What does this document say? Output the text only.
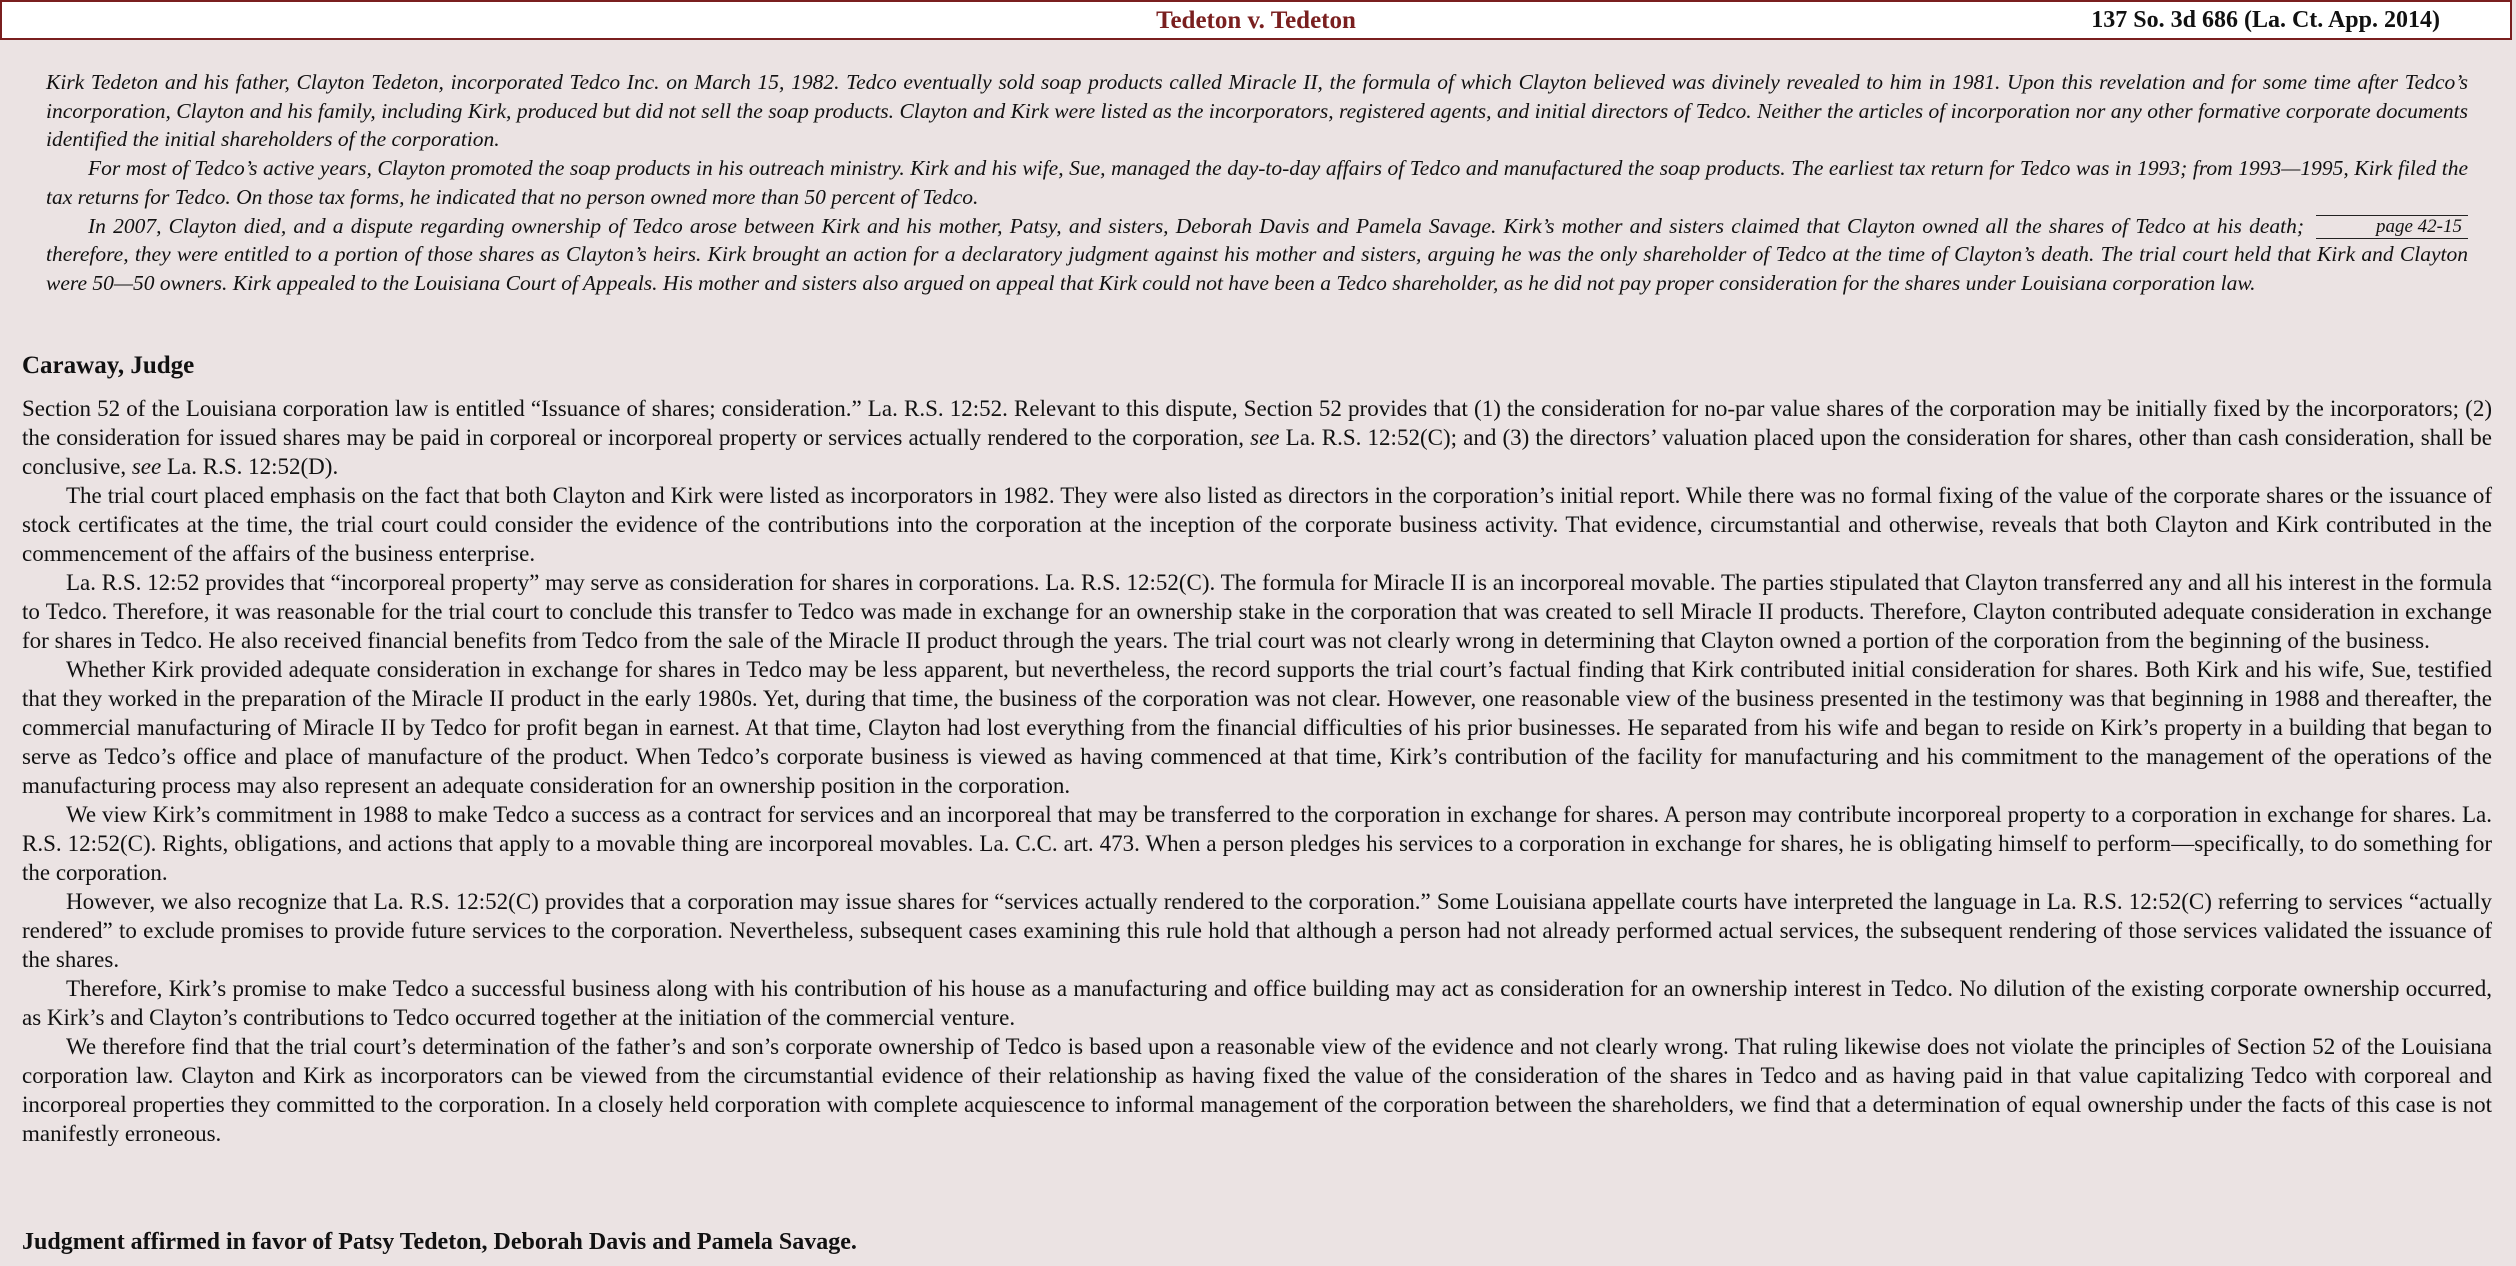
Tedeton v. Tedeton	137 So. 3d 686 (La. Ct. App. 2014)

Kirk Tedeton and his father, Clayton Tedeton, incorporated Tedco Inc. on March 15, 1982. Tedco eventually sold soap products called Miracle II, the formula of which Clayton believed was divinely revealed to him in 1981. Upon this revelation and for some time after Tedco’s incorporation, Clayton and his family, including Kirk, produced but did not sell the soap products. Clayton and Kirk were listed as the incorporators, registered agents, and initial directors of Tedco. Neither the articles of incorporation nor any other formative corporate documents identified the initial shareholders of the corporation.

For most of Tedco’s active years, Clayton promoted the soap products in his outreach ministry. Kirk and his wife, Sue, managed the day-to-day affairs of Tedco and manufactured the soap products. The earliest tax return for Tedco was in 1993; from 1993—1995, Kirk filed the tax returns for Tedco. On those tax forms, he indicated that no person owned more than 50 percent of Tedco.

page 42-15
In 2007, Clayton died, and a dispute regarding ownership of Tedco arose between Kirk and his mother, Patsy, and sisters, Deborah Davis and Pamela Savage. Kirk’s mother and sisters claimed that Clayton owned all the shares of Tedco at his death; therefore, they were entitled to a portion of those shares as Clayton’s heirs. Kirk brought an action for a declaratory judgment against his mother and sisters, arguing he was the only shareholder of Tedco at the time of Clayton’s death. The trial court held that Kirk and Clayton were 50—50 owners. Kirk appealed to the Louisiana Court of Appeals. His mother and sisters also argued on appeal that Kirk could not have been a Tedco shareholder, as he did not pay proper consideration for the shares under Louisiana corporation law.

Caraway, Judge

Section 52 of the Louisiana corporation law is entitled “Issuance of shares; consideration.” La. R.S. 12:52. Relevant to this dispute, Section 52 provides that (1) the consideration for no-par value shares of the corporation may be initially fixed by the incorporators; (2) the consideration for issued shares may be paid in corporeal or incorporeal property or services actually rendered to the corporation, see La. R.S. 12:52(C); and (3) the directors’ valuation placed upon the consideration for shares, other than cash consideration, shall be conclusive, see La. R.S. 12:52(D).

The trial court placed emphasis on the fact that both Clayton and Kirk were listed as incorporators in 1982. They were also listed as directors in the corporation’s initial report. While there was no formal fixing of the value of the corporate shares or the issuance of stock certificates at the time, the trial court could consider the evidence of the contributions into the corporation at the inception of the corporate business activity. That evidence, circumstantial and otherwise, reveals that both Clayton and Kirk contributed in the commencement of the affairs of the business enterprise.

La. R.S. 12:52 provides that “incorporeal property” may serve as consideration for shares in corporations. La. R.S. 12:52(C). The formula for Miracle II is an incorporeal movable. The parties stipulated that Clayton transferred any and all his interest in the formula to Tedco. Therefore, it was reasonable for the trial court to conclude this transfer to Tedco was made in exchange for an ownership stake in the corporation that was created to sell Miracle II products. Therefore, Clayton contributed adequate consideration in exchange for shares in Tedco. He also received financial benefits from Tedco from the sale of the Miracle II product through the years. The trial court was not clearly wrong in determining that Clayton owned a portion of the corporation from the beginning of the business.

Whether Kirk provided adequate consideration in exchange for shares in Tedco may be less apparent, but nevertheless, the record supports the trial court’s factual finding that Kirk contributed initial consideration for shares. Both Kirk and his wife, Sue, testified that they worked in the preparation of the Miracle II product in the early 1980s. Yet, during that time, the business of the corporation was not clear. However, one reasonable view of the business presented in the testimony was that beginning in 1988 and thereafter, the commercial manufacturing of Miracle II by Tedco for profit began in earnest. At that time, Clayton had lost everything from the financial difficulties of his prior businesses. He separated from his wife and began to reside on Kirk’s property in a building that began to serve as Tedco’s office and place of manufacture of the product. When Tedco’s corporate business is viewed as having commenced at that time, Kirk’s contribution of the facility for manufacturing and his commitment to the management of the operations of the manufacturing process may also represent an adequate consideration for an ownership position in the corporation.

We view Kirk’s commitment in 1988 to make Tedco a success as a contract for services and an incorporeal that may be transferred to the corporation in exchange for shares. A person may contribute incorporeal property to a corporation in exchange for shares. La. R.S. 12:52(C). Rights, obligations, and actions that apply to a movable thing are incorporeal movables. La. C.C. art. 473. When a person pledges his services to a corporation in exchange for shares, he is obligating himself to perform—specifically, to do something for the corporation.

However, we also recognize that La. R.S. 12:52(C) provides that a corporation may issue shares for “services actually rendered to the corporation.” Some Louisiana appellate courts have interpreted the language in La. R.S. 12:52(C) referring to services “actually rendered” to exclude promises to provide future services to the corporation. Nevertheless, subsequent cases examining this rule hold that although a person had not already performed actual services, the subsequent rendering of those services validated the issuance of the shares.

Therefore, Kirk’s promise to make Tedco a successful business along with his contribution of his house as a manufacturing and office building may act as consideration for an ownership interest in Tedco. No dilution of the existing corporate ownership occurred, as Kirk’s and Clayton’s contributions to Tedco occurred together at the initiation of the commercial venture.

We therefore find that the trial court’s determination of the father’s and son’s corporate ownership of Tedco is based upon a reasonable view of the evidence and not clearly wrong. That ruling likewise does not violate the principles of Section 52 of the Louisiana corporation law. Clayton and Kirk as incorporators can be viewed from the circumstantial evidence of their relationship as having fixed the value of the consideration of the shares in Tedco and as having paid in that value capitalizing Tedco with corporeal and incorporeal properties they committed to the corporation. In a closely held corporation with complete acquiescence to informal management of the corporation between the shareholders, we find that a determination of equal ownership under the facts of this case is not manifestly erroneous.

Judgment affirmed in favor of Patsy Tedeton, Deborah Davis and Pamela Savage.
